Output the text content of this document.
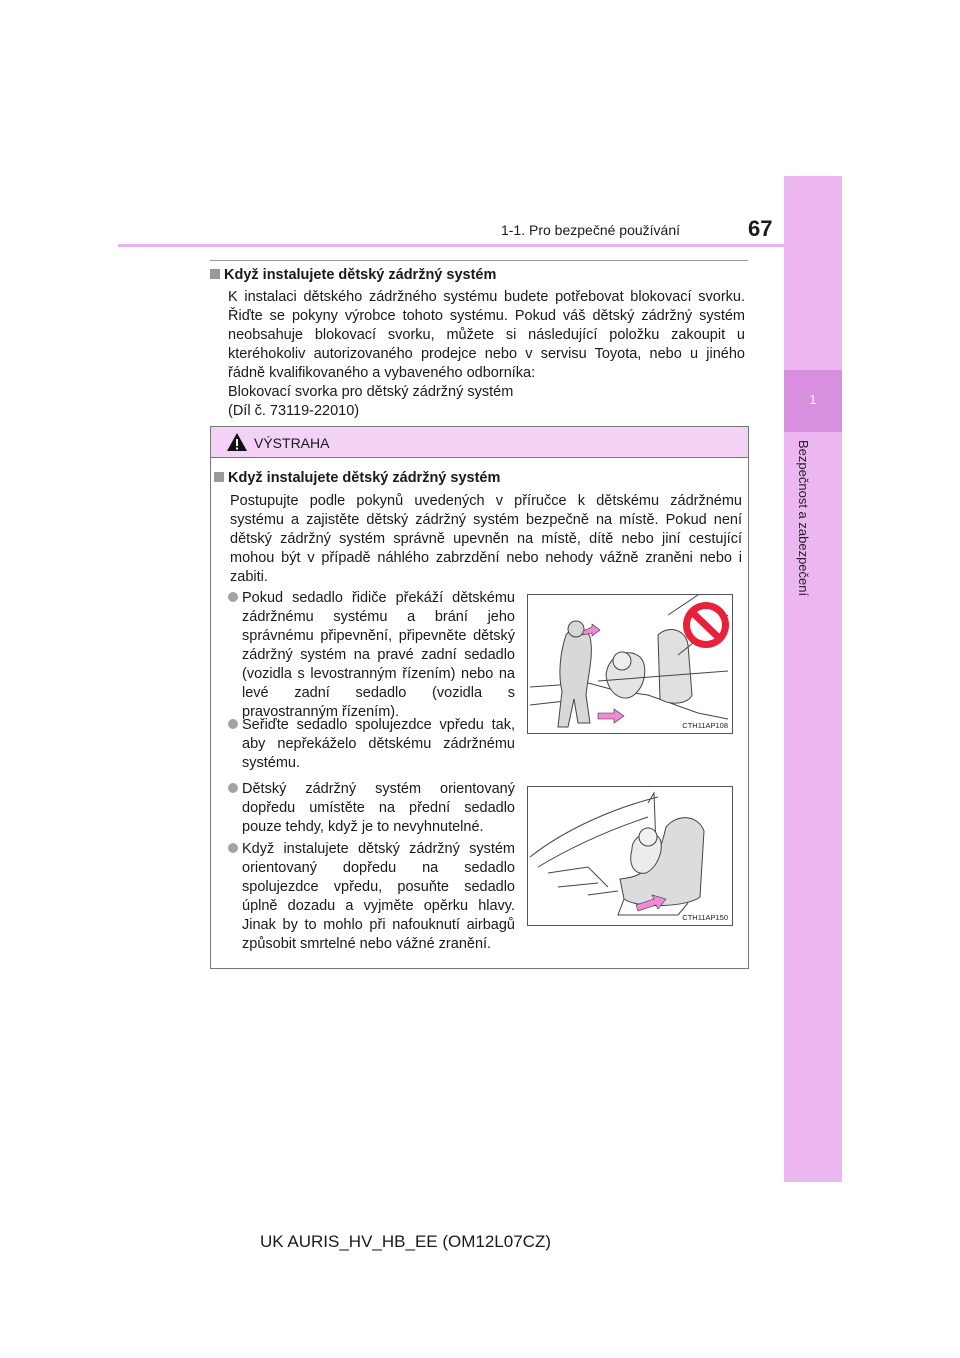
1-1. Pro bezpečné používání	67
1
Bezpečnost a zabezpečení
Když instalujete dětský zádržný systém
K instalaci dětského zádržného systému budete potřebovat blokovací svorku. Řiďte se pokyny výrobce tohoto systému. Pokud váš dětský zádržný systém neobsahuje blokovací svorku, můžete si následující položku zakoupit u kteréhokoliv autorizovaného prodejce nebo v servisu Toyota, nebo u jiného řádně kvalifikovaného a vybaveného odborníka:
Blokovací svorka pro dětský zádržný systém
(Díl č. 73119-22010)
VÝSTRAHA
Když instalujete dětský zádržný systém
Postupujte podle pokynů uvedených v příručce k dětskému zádržnému systému a zajistěte dětský zádržný systém bezpečně na místě. Pokud není dětský zádržný systém správně upevněn na místě, dítě nebo jiní cestující mohou být v případě náhlého zabrzdění nebo nehody vážně zraněni nebo i zabiti.
Pokud sedadlo řidiče překáží dětskému zádržnému systému a brání jeho správnému připevnění, připevněte dětský zádržný systém na pravé zadní sedadlo (vozidla s levostranným řízením) nebo na levé zadní sedadlo (vozidla s pravostranným řízením).
Seřiďte sedadlo spolujezdce vpředu tak, aby nepřekáželo dětskému zádržnému systému.
Dětský zádržný systém orientovaný dopředu umístěte na přední sedadlo pouze tehdy, když je to nevyhnutelné.
Když instalujete dětský zádržný systém orientovaný dopředu na sedadlo spolujezdce vpředu, posuňte sedadlo úplně dozadu a vyjměte opěrku hlavy. Jinak by to mohlo při nafouknutí airbagů způsobit smrtelné nebo vážné zranění.
CTH11AP108
CTH11AP150
UK AURIS_HV_HB_EE (OM12L07CZ)
